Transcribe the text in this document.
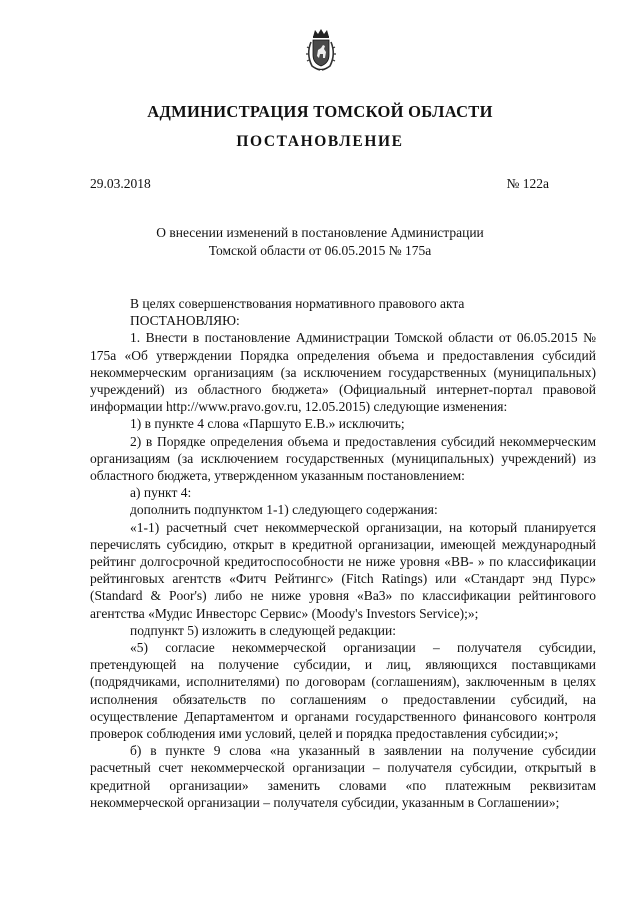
АДМИНИСТРАЦИЯ ТОМСКОЙ ОБЛАСТИ
ПОСТАНОВЛЕНИЕ
29.03.2018	№ 122а
О внесении изменений в постановление Администрации
Томской области от 06.05.2015 № 175а

В целях совершенствования нормативного правового акта

ПОСТАНОВЛЯЮ:

1. Внести в постановление Администрации Томской области от 06.05.2015 № 175а «Об утверждении Порядка определения объема и предоставления субсидий некоммерческим организациям (за исключением государственных (муниципальных) учреждений) из областного бюджета» (Официальный интернет-портал правовой информации http://www.pravo.gov.ru, 12.05.2015) следующие изменения:

1) в пункте 4 слова «Паршуто Е.В.» исключить;

2) в Порядке определения объема и предоставления субсидий некоммерческим организациям (за исключением государственных (муниципальных) учреждений) из областного бюджета, утвержденном указанным постановлением:

а) пункт 4:

дополнить подпунктом 1-1) следующего содержания:

«1-1) расчетный счет некоммерческой организации, на который планируется перечислять субсидию, открыт в кредитной организации, имеющей международный рейтинг долгосрочной кредитоспособности не ниже уровня «ВВ- » по классификации рейтинговых агентств «Фитч Рейтингс» (Fitch Ratings) или «Стандарт энд Пурс» (Standard & Poor's) либо не ниже уровня «Ва3» по классификации рейтингового агентства «Мудис Инвесторс Сервис» (Moody's Investors Service);»;

подпункт 5) изложить в следующей редакции:

«5) согласие некоммерческой организации – получателя субсидии, претендующей на получение субсидии, и лиц, являющихся поставщиками (подрядчиками, исполнителями) по договорам (соглашениям), заключенным в целях исполнения обязательств по соглашениям о предоставлении субсидий, на осуществление Департаментом и органами государственного финансового контроля проверок соблюдения ими условий, целей и порядка предоставления субсидии;»;

б) в пункте 9 слова «на указанный в заявлении на получение субсидии расчетный счет некоммерческой организации – получателя субсидии, открытый в кредитной организации» заменить словами «по платежным реквизитам некоммерческой организации – получателя субсидии, указанным в Соглашении»;
